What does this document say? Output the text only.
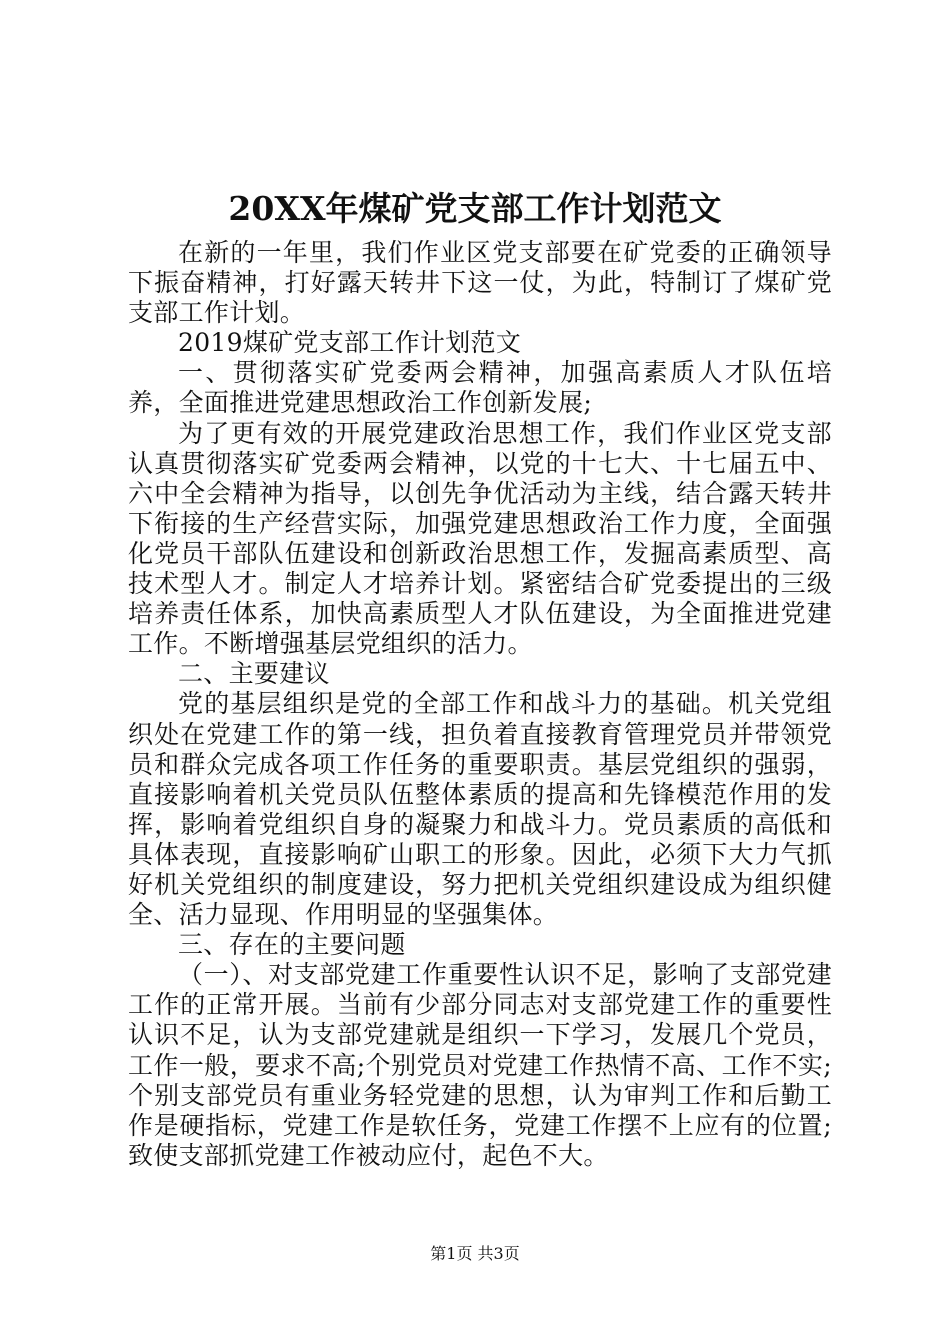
20XX年煤矿党支部工作计划范文

在新的一年里，我们作业区党支部要在矿党委的正确领导下振奋精神，打好露天转井下这一仗，为此，特制订了煤矿党支部工作计划。

2019煤矿党支部工作计划范文

一、贯彻落实矿党委两会精神，加强高素质人才队伍培养，全面推进党建思想政治工作创新发展;

为了更有效的开展党建政治思想工作，我们作业区党支部认真贯彻落实矿党委两会精神，以党的十七大、十七届五中、六中全会精神为指导，以创先争优活动为主线，结合露天转井下衔接的生产经营实际，加强党建思想政治工作力度，全面强化党员干部队伍建设和创新政治思想工作，发掘高素质型、高技术型人才。制定人才培养计划。紧密结合矿党委提出的三级培养责任体系，加快高素质型人才队伍建设，为全面推进党建工作。不断增强基层党组织的活力。

二、主要建议

党的基层组织是党的全部工作和战斗力的基础。机关党组织处在党建工作的第一线，担负着直接教育管理党员并带领党员和群众完成各项工作任务的重要职责。基层党组织的强弱，直接影响着机关党员队伍整体素质的提高和先锋模范作用的发挥，影响着党组织自身的凝聚力和战斗力。党员素质的高低和具体表现，直接影响矿山职工的形象。因此，必须下大力气抓好机关党组织的制度建设，努力把机关党组织建设成为组织健全、活力显现、作用明显的坚强集体。

三、存在的主要问题

（一）、对支部党建工作重要性认识不足，影响了支部党建工作的正常开展。当前有少部分同志对支部党建工作的重要性认识不足，认为支部党建就是组织一下学习，发展几个党员，工作一般，要求不高;个别党员对党建工作热情不高、工作不实;个别支部党员有重业务轻党建的思想，认为审判工作和后勤工作是硬指标，党建工作是软任务，党建工作摆不上应有的位置;致使支部抓党建工作被动应付，起色不大。

第1页 共3页
